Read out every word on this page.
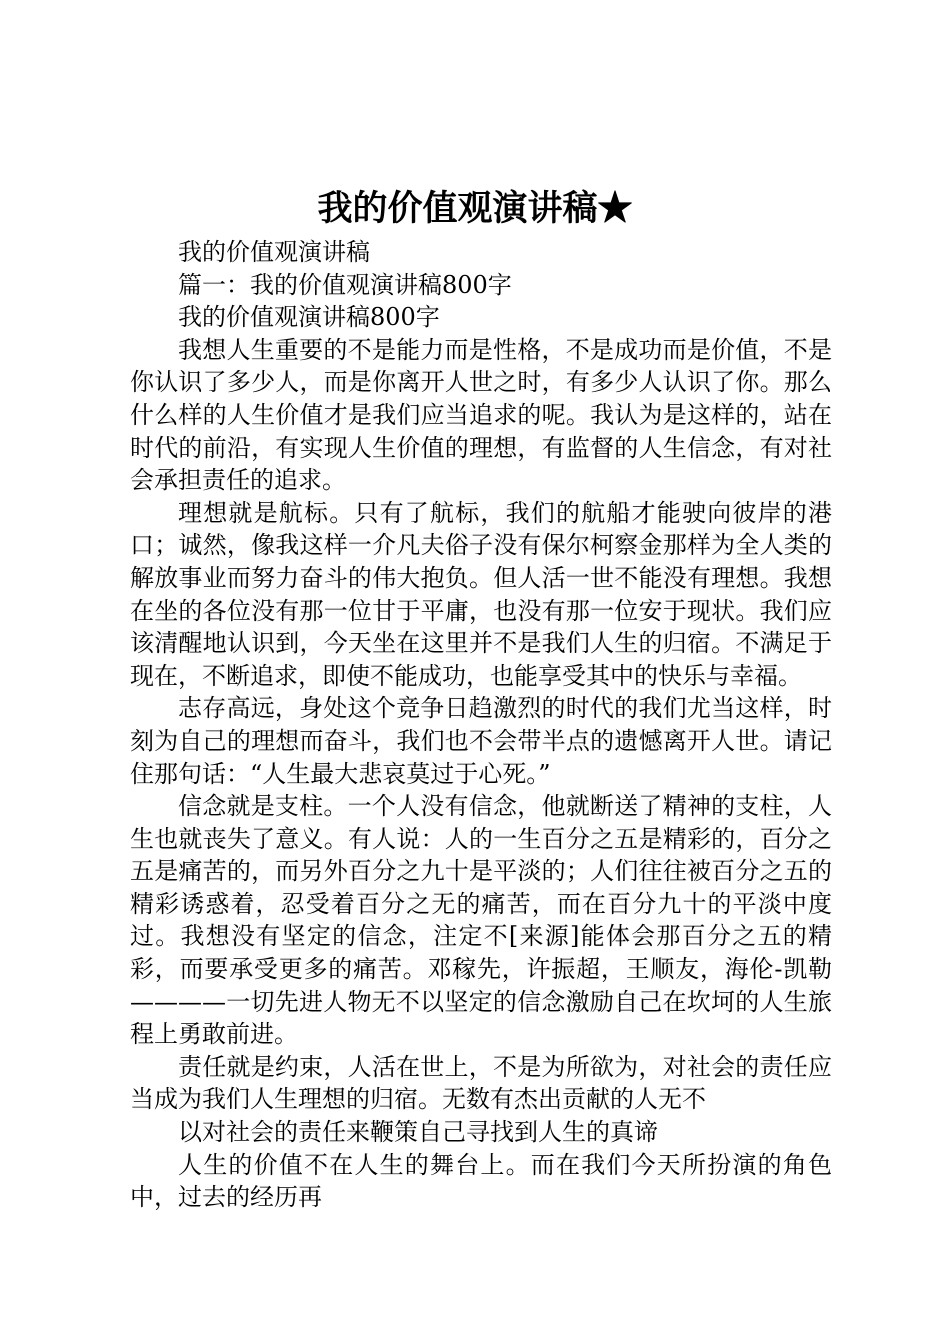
我的价值观演讲稿★

我的价值观演讲稿

篇一：我的价值观演讲稿800字

我的价值观演讲稿800字

我想人生重要的不是能力而是性格，不是成功而是价值，不是你认识了多少人，而是你离开人世之时，有多少人认识了你。那么什么样的人生价值才是我们应当追求的呢。我认为是这样的，站在时代的前沿，有实现人生价值的理想，有监督的人生信念，有对社会承担责任的追求。

理想就是航标。只有了航标，我们的航船才能驶向彼岸的港口；诚然，像我这样一介凡夫俗子没有保尔柯察金那样为全人类的解放事业而努力奋斗的伟大抱负。但人活一世不能没有理想。我想在坐的各位没有那一位甘于平庸，也没有那一位安于现状。我们应该清醒地认识到，今天坐在这里并不是我们人生的归宿。不满足于现在，不断追求，即使不能成功，也能享受其中的快乐与幸福。

志存高远，身处这个竞争日趋激烈的时代的我们尤当这样，时刻为自己的理想而奋斗，我们也不会带半点的遗憾离开人世。请记住那句话：“人生最大悲哀莫过于心死。”

信念就是支柱。一个人没有信念，他就断送了精神的支柱，人生也就丧失了意义。有人说：人的一生百分之五是精彩的，百分之五是痛苦的，而另外百分之九十是平淡的；人们往往被百分之五的精彩诱惑着，忍受着百分之无的痛苦，而在百分九十的平淡中度过。我想没有坚定的信念，注定不[来源]能体会那百分之五的精彩，而要承受更多的痛苦。邓稼先，许振超，王顺友，海伦-凯勒————一切先进人物无不以坚定的信念激励自己在坎坷的人生旅程上勇敢前进。

责任就是约束，人活在世上，不是为所欲为，对社会的责任应当成为我们人生理想的归宿。无数有杰出贡献的人无不

以对社会的责任来鞭策自己寻找到人生的真谛

人生的价值不在人生的舞台上。而在我们今天所扮演的角色中，过去的经历再
